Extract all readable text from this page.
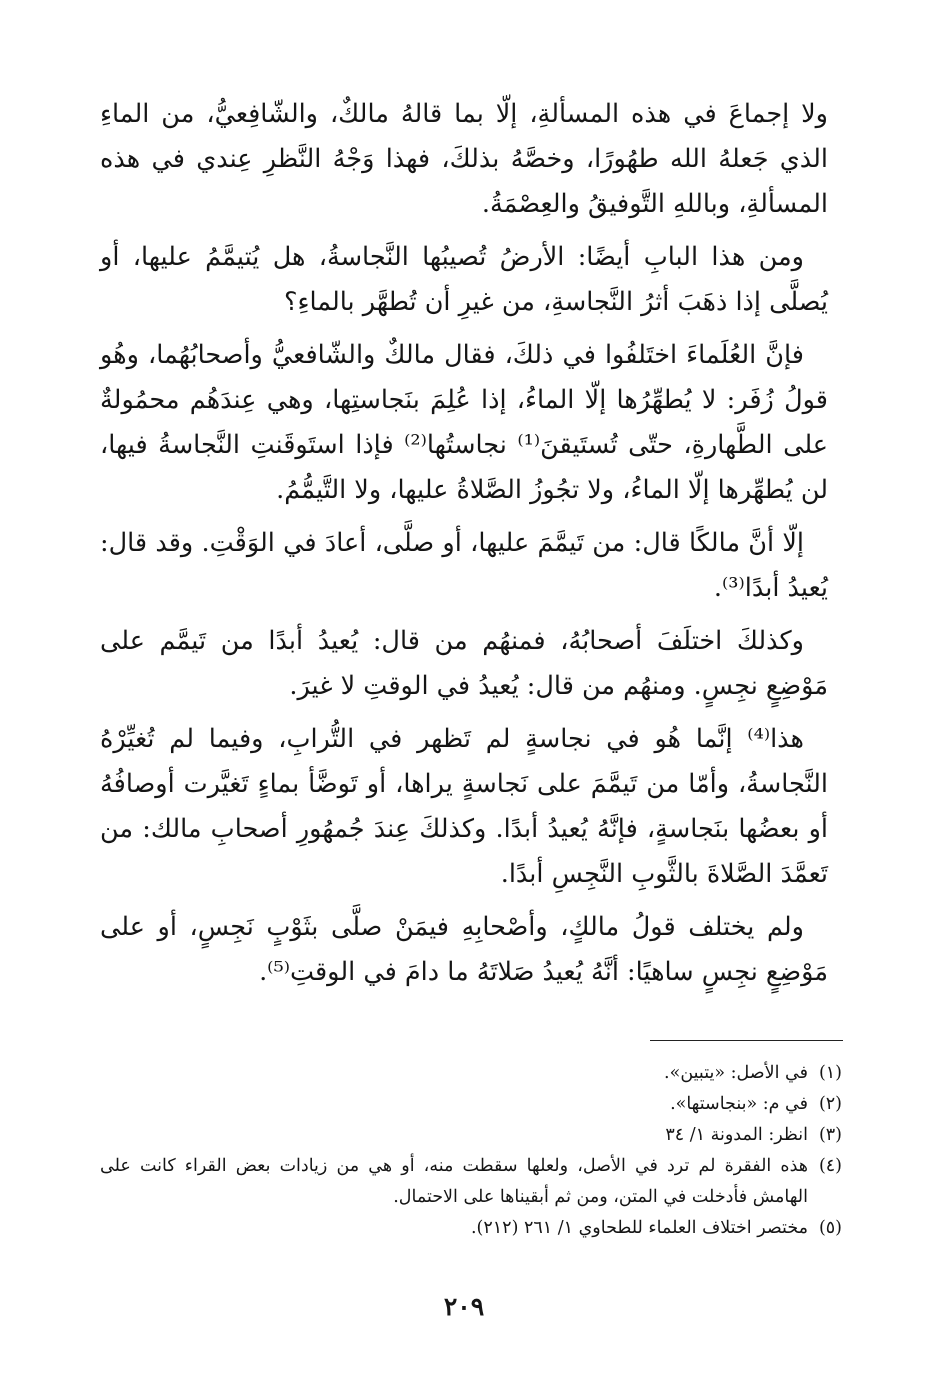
ولا إجماعَ في هذه المسألةِ، إلّا بما قالهُ مالكٌ، والشّافِعيُّ، من الماءِ الذي جَعلهُ الله طهُورًا، وخصَّهُ بذلكَ، فهذا وَجْهُ النَّظرِ عِندي في هذه المسألةِ، وباللهِ التَّوفيقُ والعِصْمَةُ.

ومن هذا البابِ أيضًا: الأرضُ تُصيبُها النَّجاسةُ، هل يُتيمَّمُ عليها، أو يُصلَّى إذا ذهَبَ أثرُ النَّجاسةِ، من غيرِ أن تُطهَّر بالماءِ؟

فإنَّ العُلَماءَ اختَلفُوا في ذلكَ، فقال مالكٌ والشّافعيُّ وأصحابُهُما، وهُو قولُ زُفَر: لا يُطهِّرُها إلّا الماءُ، إذا عُلِمَ بنَجاستِها، وهي عِندَهُم محمُولةٌ على الطَّهارةِ، حتّى تُستَيقنَ⁽¹⁾ نجاستُها⁽²⁾ فإذا استَوقَنتِ النَّجاسةُ فيها، لن يُطهِّرها إلّا الماءُ، ولا تجُوزُ الصَّلاةُ عليها، ولا التَّيمُّمُ.

إلّا أنَّ مالكًا قال: من تَيمَّمَ عليها، أو صلَّى، أعادَ في الوَقْتِ. وقد قال: يُعيدُ أبدًا⁽³⁾.

وكذلكَ اختلَفَ أصحابُهُ، فمنهُم من قال: يُعيدُ أبدًا من تَيمَّم على مَوْضِعٍ نجِسٍ. ومنهُم من قال: يُعيدُ في الوقتِ لا غيرَ.

هذا⁽⁴⁾ إنَّما هُو في نجاسةٍ لم تَظهر في التُّرابِ، وفيما لم تُغيِّرْهُ النَّجاسةُ، وأمّا من تَيمَّمَ على نَجاسةٍ يراها، أو تَوضَّأ بماءٍ تَغيَّرت أوصافُهُ أو بعضُها بنَجاسةٍ، فإنَّهُ يُعيدُ أبدًا. وكذلكَ عِندَ جُمهُورِ أصحابِ مالك: من تَعمَّدَ الصَّلاةَ بالثَّوبِ النَّجِسِ أبدًا.

ولم يختلف قولُ مالكٍ، وأصْحابِهِ فيمَنْ صلَّى بثَوْبٍ نَجِسٍ، أو على مَوْضِعٍ نجِسٍ ساهيًا: أنَّهُ يُعيدُ صَلاتَهُ ما دامَ في الوقتِ⁽⁵⁾.

(١)
في الأصل: «يتبين».

(٢)
في م: «بنجاستها».

(٣)
انظر: المدونة ١/ ٣٤

(٤)
هذه الفقرة لم ترد في الأصل، ولعلها سقطت منه، أو هي من زيادات بعض القراء كانت على الهامش فأدخلت في المتن، ومن ثم أبقيناها على الاحتمال.

(٥)
مختصر اختلاف العلماء للطحاوي ١/ ٢٦١ (٢١٢).

٢٠٩
